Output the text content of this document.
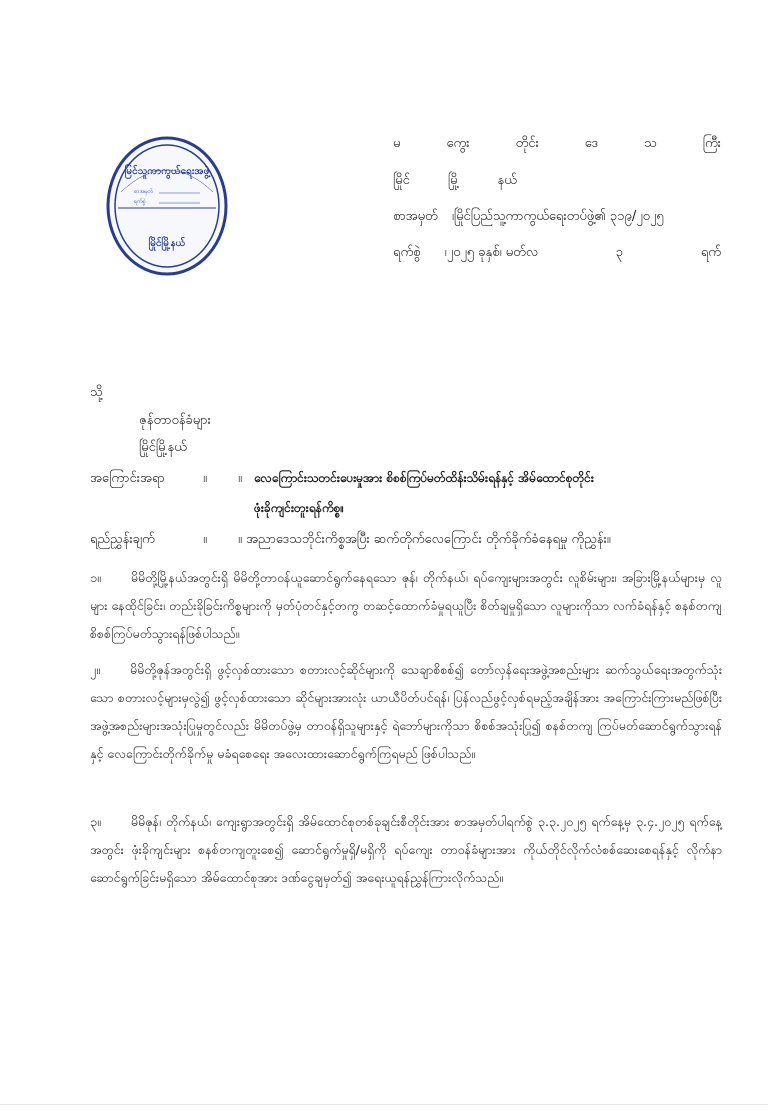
မြင်သူကာကွယ်ရေးအဖွဲ့
စာအမှတ်
ရက်စွဲ
မြိုင်မြို့နယ်
မ	ကွေး	တိုင်း	ဒေ	သ	ကြီး
မြိုင်	မြို့	နယ်
စာအမှတ် ၊မြိုင်ပြည်သူ့ကာကွယ်ရေးတပ်ဖွဲ့၏ ၃၁၉/၂၀၂၅
ရက်စွဲ ၊၂၀၂၅ ခုနှစ်၊ မတ်လ	၃	ရက်
သို့
ဇုန်တာဝန်ခံများ
မြိုင်မြို့နယ်
အကြောင်းအရာ	။ ။ လေကြောင်းသတင်းပေးမှုအား စိစစ်ကြပ်မတ်ထိန်းသိမ်းရန်နှင့် အိမ်ထောင်စုတိုင်း
ဖုံးခိုကျင်းတူးရန်ကိစ္စ။
ရည်ညွှန်းချက်	။ ။ အညာဒေသဘိုင်းကိစ္စအပြီး ဆက်တိုက်လေကြောင်း တိုက်ခိုက်ခံနေရမှု ကိုညွှန်း။
၁။ မိမိတို့မြို့နယ်အတွင်းရှိ မိမိတို့တာဝန်ယူဆောင်ရွက်နေရသော ဇုန်၊ တိုက်နယ်၊ ရပ်ကျေးများအတွင်း လူစိမ်းများ၊ အခြားမြို့နယ်များမှ လူများ နေထိုင်ခြင်း၊ တည်းခိုခြင်းကိစ္စများကို မှတ်ပုံတင်နှင့်တကွ တဆင့်ထောက်ခံမှုရယူပြီး စိတ်ချမှုရှိသော လူများကိုသာ လက်ခံရန်နှင့် စနစ်တကျ စိစစ်ကြပ်မတ်သွားရန်ဖြစ်ပါသည်။
၂။ မိမိတို့ဇုန်အတွင်းရှိ ဖွင့်လှစ်ထားသော စတားလင့်ဆိုင်များကို သေချာစိစစ်၍ တော်လှန်ရေးအဖွဲ့အစည်းများ ဆက်သွယ်ရေးအတွက်သုံးသော စတားလင့်များမှလွဲ၍ ဖွင့်လှစ်ထားသော ဆိုင်များအားလုံး ယာယီပိတ်ပင်ရန်၊ ပြန်လည်ဖွင့်လှစ်ရမည့်အချိန်အား အကြောင်းကြားမည်ဖြစ်ပြီး အဖွဲ့အစည်းများအသုံးပြုမှုတွင်လည်း မိမိတပ်ဖွဲ့မှ တာဝန်ရှိသူများနှင့် ရဲဘော်များကိုသာ စိစစ်အသုံးပြု၍ စနစ်တကျ ကြပ်မတ်ဆောင်ရွက်သွားရန်နှင့် လေကြောင်းတိုက်ခိုက်မှု မခံရစေရေး အလေးထားဆောင်ရွက်ကြရမည် ဖြစ်ပါသည်။
၃။ မိမိဇုန်၊ တိုက်နယ်၊ ကျေးရွာအတွင်းရှိ အိမ်ထောင်စုတစ်ခုချင်းစီတိုင်းအား စာအမှတ်ပါရက်စွဲ ၃.၃.၂၀၂၅ ရက်နေ့မှ ၃.၄.၂၀၂၅ ရက်နေ့အတွင်း ဖုံးခိုကျင်းများ စနစ်တကျတူးစေ၍ ဆောင်ရွက်မှုရှိ/မရှိကို ရပ်ကျေး တာဝန်ခံများအား ကိုယ်တိုင်လိုက်လံစစ်ဆေးစေရန်နှင့် လိုက်နာဆောင်ရွက်ခြင်းမရှိသော အိမ်ထောင်စုအား ဒဏ်ငွေချမှတ်၍ အရေးယူရန်ညွှန်ကြားလိုက်သည်။
